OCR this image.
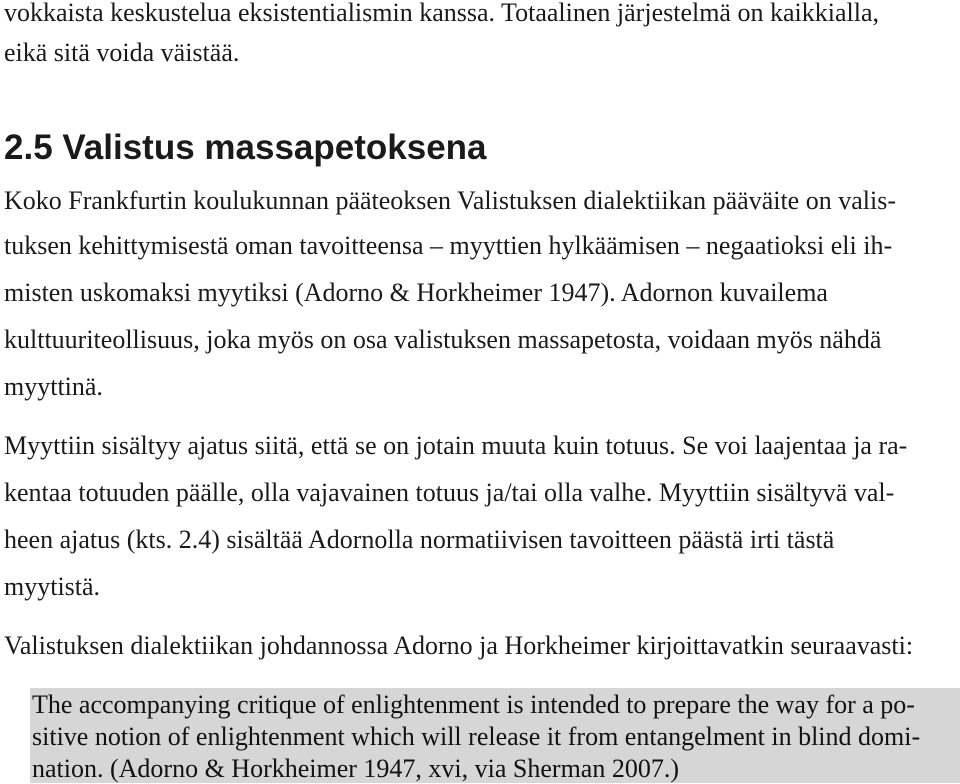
vokkaista keskustelua eksistentialismin kanssa. Totaalinen järjestelmä on kaikkialla,
eikä sitä voida väistää.
2.5 Valistus massapetoksena
Koko Frankfurtin koulukunnan pääteoksen Valistuksen dialektiikan pääväite on valis-
tuksen kehittymisestä oman tavoitteensa – myyttien hylkäämisen – negaatioksi eli ih-
misten uskomaksi myytiksi (Adorno & Horkheimer 1947). Adornon kuvailema
kulttuuriteollisuus, joka myös on osa valistuksen massapetosta, voidaan myös nähdä
myyttinä.
Myyttiin sisältyy ajatus siitä, että se on jotain muuta kuin totuus. Se voi laajentaa ja ra-
kentaa totuuden päälle, olla vajavainen totuus ja/tai olla valhe. Myyttiin sisältyvä val-
heen ajatus (kts. 2.4) sisältää Adornolla normatiivisen tavoitteen päästä irti tästä
myytistä.
Valistuksen dialektiikan johdannossa Adorno ja Horkheimer kirjoittavatkin seuraavasti:
The accompanying critique of enlightenment is intended to prepare the way for a po-
sitive notion of enlightenment which will release it from entangelment in blind domi-
nation. (Adorno & Horkheimer 1947, xvi, via Sherman 2007.)
